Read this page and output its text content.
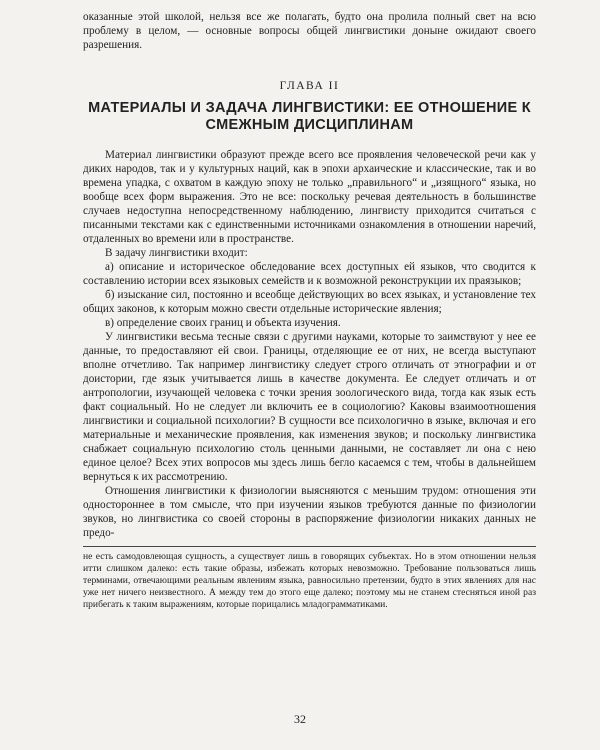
оказанные этой школой, нельзя все же полагать, будто она пролила полный свет на всю проблему в целом, — основные вопросы общей лингвистики доныне ожидают своего разрешения.

ГЛАВА II
МАТЕРИАЛЫ И ЗАДАЧА ЛИНГВИСТИКИ: ЕЕ ОТНОШЕНИЕ К СМЕЖНЫМ ДИСЦИПЛИНАМ

Материал лингвистики образуют прежде всего все проявления человеческой речи как у диких народов, так и у культурных наций, как в эпохи архаические и классические, так и во времена упадка, с охватом в каждую эпоху не только „правильного“ и „изящного“ языка, но вообще всех форм выражения. Это не все: поскольку речевая деятельность в большинстве случаев недоступна непосредственному наблюдению, лингвисту приходится считаться с писанными текстами как с единственными источниками ознакомления в отношении наречий, отдаленных во времени или в пространстве.

В задачу лингвистики входит:

а) описание и историческое обследование всех доступных ей языков, что сводится к составлению истории всех языковых семейств и к возможной реконструкции их праязыков;

б) изыскание сил, постоянно и всеобще действующих во всех языках, и установление тех общих законов, к которым можно свести отдельные исторические явления;

в) определение своих границ и объекта изучения.

У лингвистики весьма тесные связи с другими науками, которые то заимствуют у нее ее данные, то предоставляют ей свои. Границы, отделяющие ее от них, не всегда выступают вполне отчетливо. Так например лингвистику следует строго отличать от этнографии и от доистории, где язык учитывается лишь в качестве документа. Ее следует отличать и от антропологии, изучающей человека с точки зрения зоологического вида, тогда как язык есть факт социальный. Но не следует ли включить ее в социологию? Каковы взаимоотношения лингвистики и социальной психологии? В сущности все психологично в языке, включая и его материальные и механические проявления, как изменения звуков; и поскольку лингвистика снабжает социальную психологию столь ценными данными, не составляет ли она с нею единое целое? Всех этих вопросов мы здесь лишь бегло касаемся с тем, чтобы в дальнейшем вернуться к их рассмотрению.

Отношения лингвистики к физиологии выясняются с меньшим трудом: отношения эти одностороннее в том смысле, что при изучении языков требуются данные по физиологии звуков, но лингвистика со своей стороны в распоряжение физиологии никаких данных не предо-

не есть самодовлеющая сущность, а существует лишь в говорящих субъектах. Но в этом отношении нельзя итти слишком далеко: есть такие образы, избежать которых невозможно. Требование пользоваться лишь терминами, отвечающими реальным явлениям языка, равносильно претензии, будто в этих явлениях для нас уже нет ничего неизвестного. А между тем до этого еще далеко; поэтому мы не станем стесняться иной раз прибегать к таким выражениям, которые порицались младограмматиками.

32
